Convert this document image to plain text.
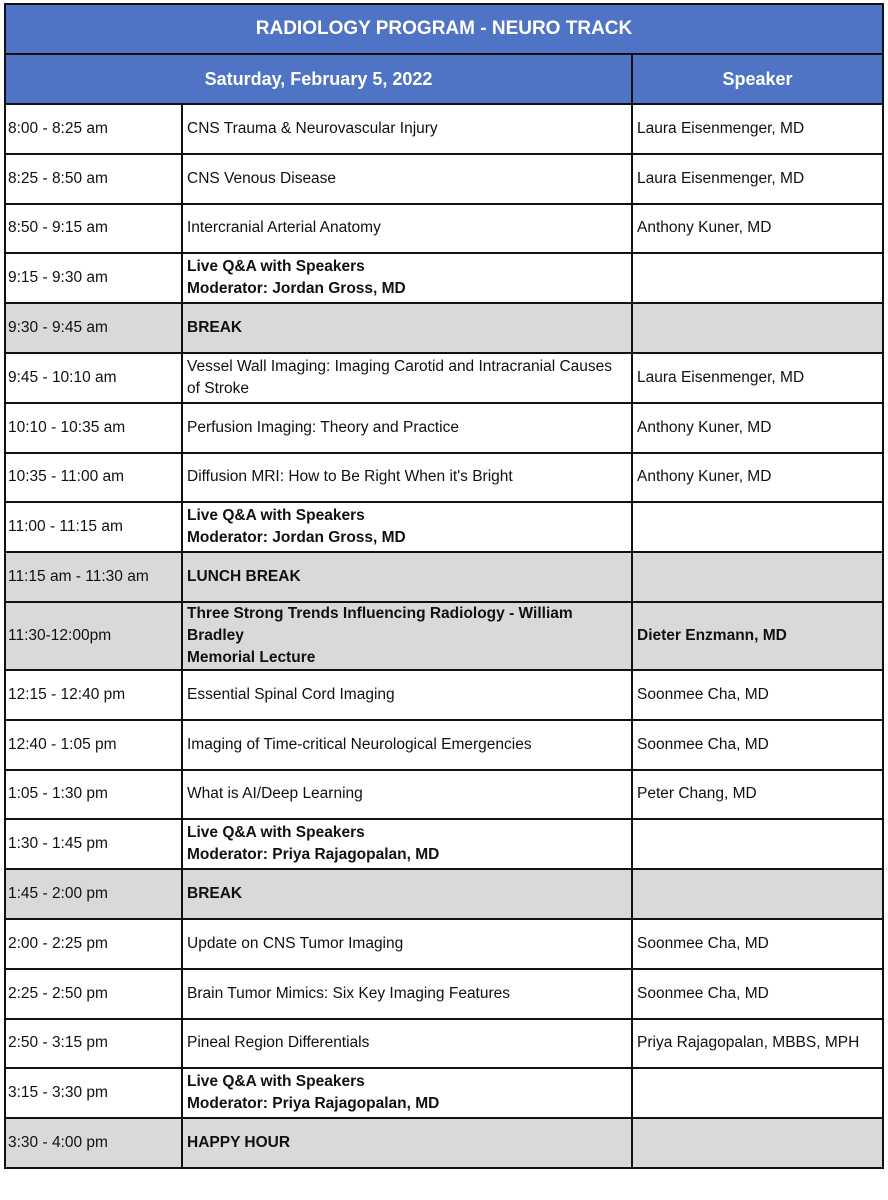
RADIOLOGY PROGRAM - NEURO TRACK		
Saturday, February 5, 2022		Speaker
8:00 - 8:25 am	CNS Trauma & Neurovascular Injury	Laura Eisenmenger, MD
8:25 - 8:50 am	CNS Venous Disease	Laura Eisenmenger, MD
8:50 - 9:15 am	Intercranial Arterial Anatomy	Anthony Kuner, MD
9:15 - 9:30 am	Live Q&A with Speakers
Moderator: Jordan Gross, MD	

9:30 - 9:45 am	BREAK	
9:45 - 10:10 am	Vessel Wall Imaging: Imaging Carotid and Intracranial Causes
of Stroke	Laura Eisenmenger, MD
10:10 - 10:35 am	Perfusion Imaging: Theory and Practice	Anthony Kuner, MD
10:35 - 11:00 am	Diffusion MRI: How to Be Right When it's Bright	Anthony Kuner, MD
11:00 - 11:15 am	Live Q&A with Speakers
Moderator: Jordan Gross, MD	

11:15 am - 11:30 am	LUNCH BREAK	
11:30-12:00pm	Three Strong Trends Influencing Radiology - William Bradley
Memorial Lecture	Dieter Enzmann, MD
12:15 - 12:40 pm	Essential Spinal Cord Imaging	Soonmee Cha, MD
12:40 - 1:05 pm	Imaging of Time-critical Neurological Emergencies	Soonmee Cha, MD
1:05 - 1:30 pm	What is AI/Deep Learning	Peter Chang, MD
1:30 - 1:45 pm	Live Q&A with Speakers
Moderator: Priya Rajagopalan, MD	

1:45 - 2:00 pm	BREAK	
2:00 - 2:25 pm	Update on CNS Tumor Imaging	Soonmee Cha, MD
2:25 - 2:50 pm	Brain Tumor Mimics: Six Key Imaging Features	Soonmee Cha, MD
2:50 - 3:15 pm	Pineal Region Differentials	Priya Rajagopalan, MBBS, MPH
3:15 - 3:30 pm	Live Q&A with Speakers
Moderator: Priya Rajagopalan, MD	

3:30 - 4:00 pm	HAPPY HOUR	
